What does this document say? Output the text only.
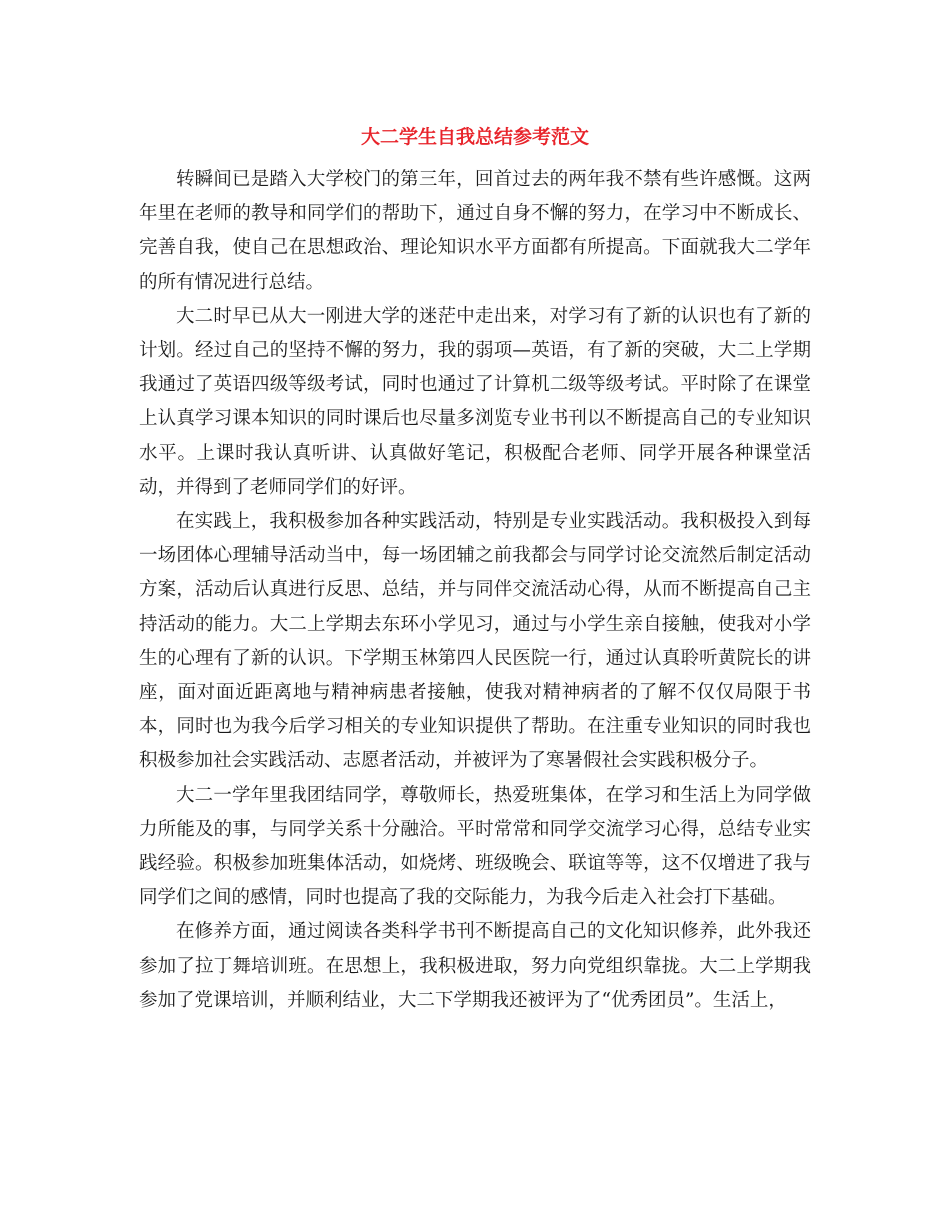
大二学生自我总结参考范文

转瞬间已是踏入大学校门的第三年，回首过去的两年我不禁有些许感慨。这两年里在老师的教导和同学们的帮助下，通过自身不懈的努力，在学习中不断成长、完善自我，使自己在思想政治、理论知识水平方面都有所提高。下面就我大二学年的所有情况进行总结。

大二时早已从大一刚进大学的迷茫中走出来，对学习有了新的认识也有了新的计划。经过自己的坚持不懈的努力，我的弱项—英语，有了新的突破，大二上学期我通过了英语四级等级考试，同时也通过了计算机二级等级考试。平时除了在课堂上认真学习课本知识的同时课后也尽量多浏览专业书刊以不断提高自己的专业知识水平。上课时我认真听讲、认真做好笔记，积极配合老师、同学开展各种课堂活动，并得到了老师同学们的好评。

在实践上，我积极参加各种实践活动，特别是专业实践活动。我积极投入到每一场团体心理辅导活动当中，每一场团辅之前我都会与同学讨论交流然后制定活动方案，活动后认真进行反思、总结，并与同伴交流活动心得，从而不断提高自己主持活动的能力。大二上学期去东环小学见习，通过与小学生亲自接触，使我对小学生的心理有了新的认识。下学期玉林第四人民医院一行，通过认真聆听黄院长的讲座，面对面近距离地与精神病患者接触，使我对精神病者的了解不仅仅局限于书本，同时也为我今后学习相关的专业知识提供了帮助。在注重专业知识的同时我也积极参加社会实践活动、志愿者活动，并被评为了寒暑假社会实践积极分子。

大二一学年里我团结同学，尊敬师长，热爱班集体，在学习和生活上为同学做力所能及的事，与同学关系十分融洽。平时常常和同学交流学习心得，总结专业实践经验。积极参加班集体活动，如烧烤、班级晚会、联谊等等，这不仅增进了我与同学们之间的感情，同时也提高了我的交际能力，为我今后走入社会打下基础。

在修养方面，通过阅读各类科学书刊不断提高自己的文化知识修养，此外我还参加了拉丁舞培训班。在思想上，我积极进取，努力向党组织靠拢。大二上学期我参加了党课培训，并顺利结业，大二下学期我还被评为了“优秀团员”。生活上，
